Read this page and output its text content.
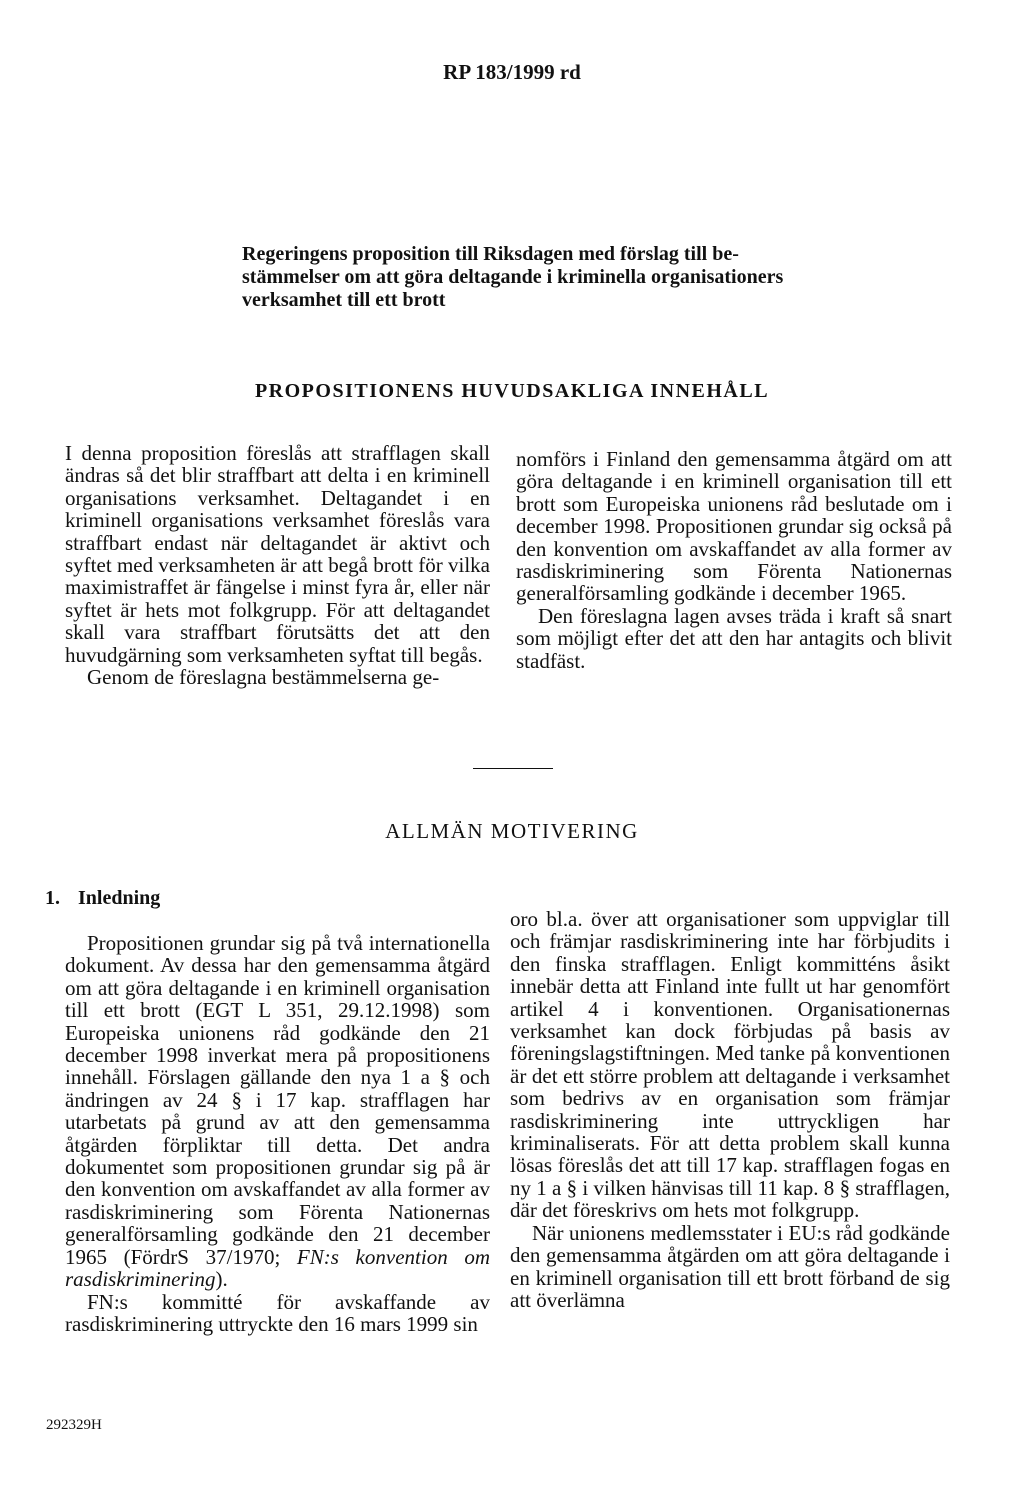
RP 183/1999 rd
Regeringens proposition till Riksdagen med förslag till be-
stämmelser om att göra deltagande i kriminella organisationers
verksamhet till ett brott
PROPOSITIONENS HUVUDSAKLIGA INNEHÅLL

I denna proposition föreslås att strafflagen skall ändras så det blir straffbart att delta i en kriminell organisations verksamhet. Deltagandet i en kriminell organisations verksamhet föreslås vara straffbart endast när deltagandet är aktivt och syftet med verksamheten är att begå brott för vilka maximistraffet är fängelse i minst fyra år, eller när syftet är hets mot folkgrupp. För att deltagandet skall vara straffbart förutsätts det att den huvudgärning som verksamheten syftat till begås.

Genom de föreslagna bestämmelserna ge-

nomförs i Finland den gemensamma åtgärd om att göra deltagande i en kriminell organisation till ett brott som Europeiska unionens råd beslutade om i december 1998. Propositionen grundar sig också på den konvention om avskaffandet av alla former av rasdiskriminering som Förenta Nationernas generalförsamling godkände i december 1965.

Den föreslagna lagen avses träda i kraft så snart som möjligt efter det att den har antagits och blivit stadfäst.

ALLMÄN MOTIVERING
1. Inledning

Propositionen grundar sig på två internationella dokument. Av dessa har den gemensamma åtgärd om att göra deltagande i en kriminell organisation till ett brott (EGT L 351, 29.12.1998) som Europeiska unionens råd godkände den 21 december 1998 inverkat mera på propositionens innehåll. Förslagen gällande den nya 1 a § och ändringen av 24 § i 17 kap. strafflagen har utarbetats på grund av att den gemensamma åtgärden förpliktar till detta. Det andra dokumentet som propositionen grundar sig på är den konvention om avskaffandet av alla former av rasdiskriminering som Förenta Nationernas generalförsamling godkände den 21 december 1965 (FördrS 37/1970; FN:s konvention om rasdiskriminering).

FN:s kommitté för avskaffande av rasdiskriminering uttryckte den 16 mars 1999 sin

oro bl.a. över att organisationer som uppviglar till och främjar rasdiskriminering inte har förbjudits i den finska strafflagen. Enligt kommitténs åsikt innebär detta att Finland inte fullt ut har genomfört artikel 4 i konventionen. Organisationernas verksamhet kan dock förbjudas på basis av föreningslagstiftningen. Med tanke på konventionen är det ett större problem att deltagande i verksamhet som bedrivs av en organisation som främjar rasdiskriminering inte uttryckligen har kriminaliserats. För att detta problem skall kunna lösas föreslås det att till 17 kap. strafflagen fogas en ny 1 a § i vilken hänvisas till 11 kap. 8 § strafflagen, där det föreskrivs om hets mot folkgrupp.

När unionens medlemsstater i EU:s råd godkände den gemensamma åtgärden om att göra deltagande i en kriminell organisation till ett brott förband de sig att överlämna

292329H
